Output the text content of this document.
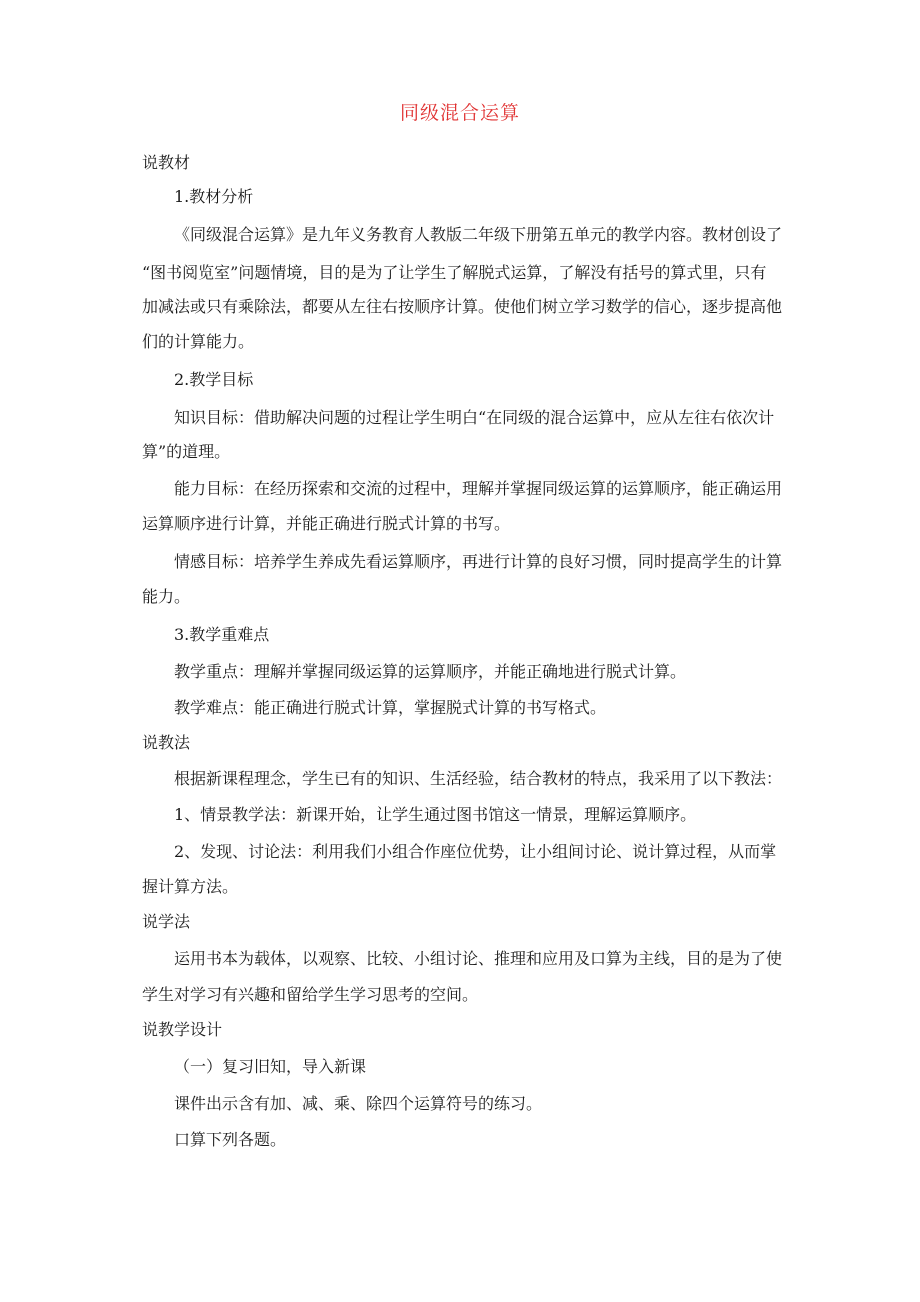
同级混合运算
说教材
1.教材分析
《同级混合运算》是九年义务教育人教版二年级下册第五单元的教学内容。教材创设了
“图书阅览室”问题情境，目的是为了让学生了解脱式运算，了解没有括号的算式里，只有
加减法或只有乘除法，都要从左往右按顺序计算。使他们树立学习数学的信心，逐步提高他
们的计算能力。
2.教学目标
知识目标：借助解决问题的过程让学生明白“在同级的混合运算中，应从左往右依次计
算”的道理。
能力目标：在经历探索和交流的过程中，理解并掌握同级运算的运算顺序，能正确运用
运算顺序进行计算，并能正确进行脱式计算的书写。
情感目标：培养学生养成先看运算顺序，再进行计算的良好习惯，同时提高学生的计算
能力。
3.教学重难点
教学重点：理解并掌握同级运算的运算顺序，并能正确地进行脱式计算。
教学难点：能正确进行脱式计算，掌握脱式计算的书写格式。
说教法
根据新课程理念，学生已有的知识、生活经验，结合教材的特点，我采用了以下教法：
1、情景教学法：新课开始，让学生通过图书馆这一情景，理解运算顺序。
2、发现、讨论法：利用我们小组合作座位优势，让小组间讨论、说计算过程，从而掌
握计算方法。
说学法
运用书本为载体，以观察、比较、小组讨论、推理和应用及口算为主线，目的是为了使
学生对学习有兴趣和留给学生学习思考的空间。
说教学设计
（一）复习旧知，导入新课
课件出示含有加、减、乘、除四个运算符号的练习。
口算下列各题。
